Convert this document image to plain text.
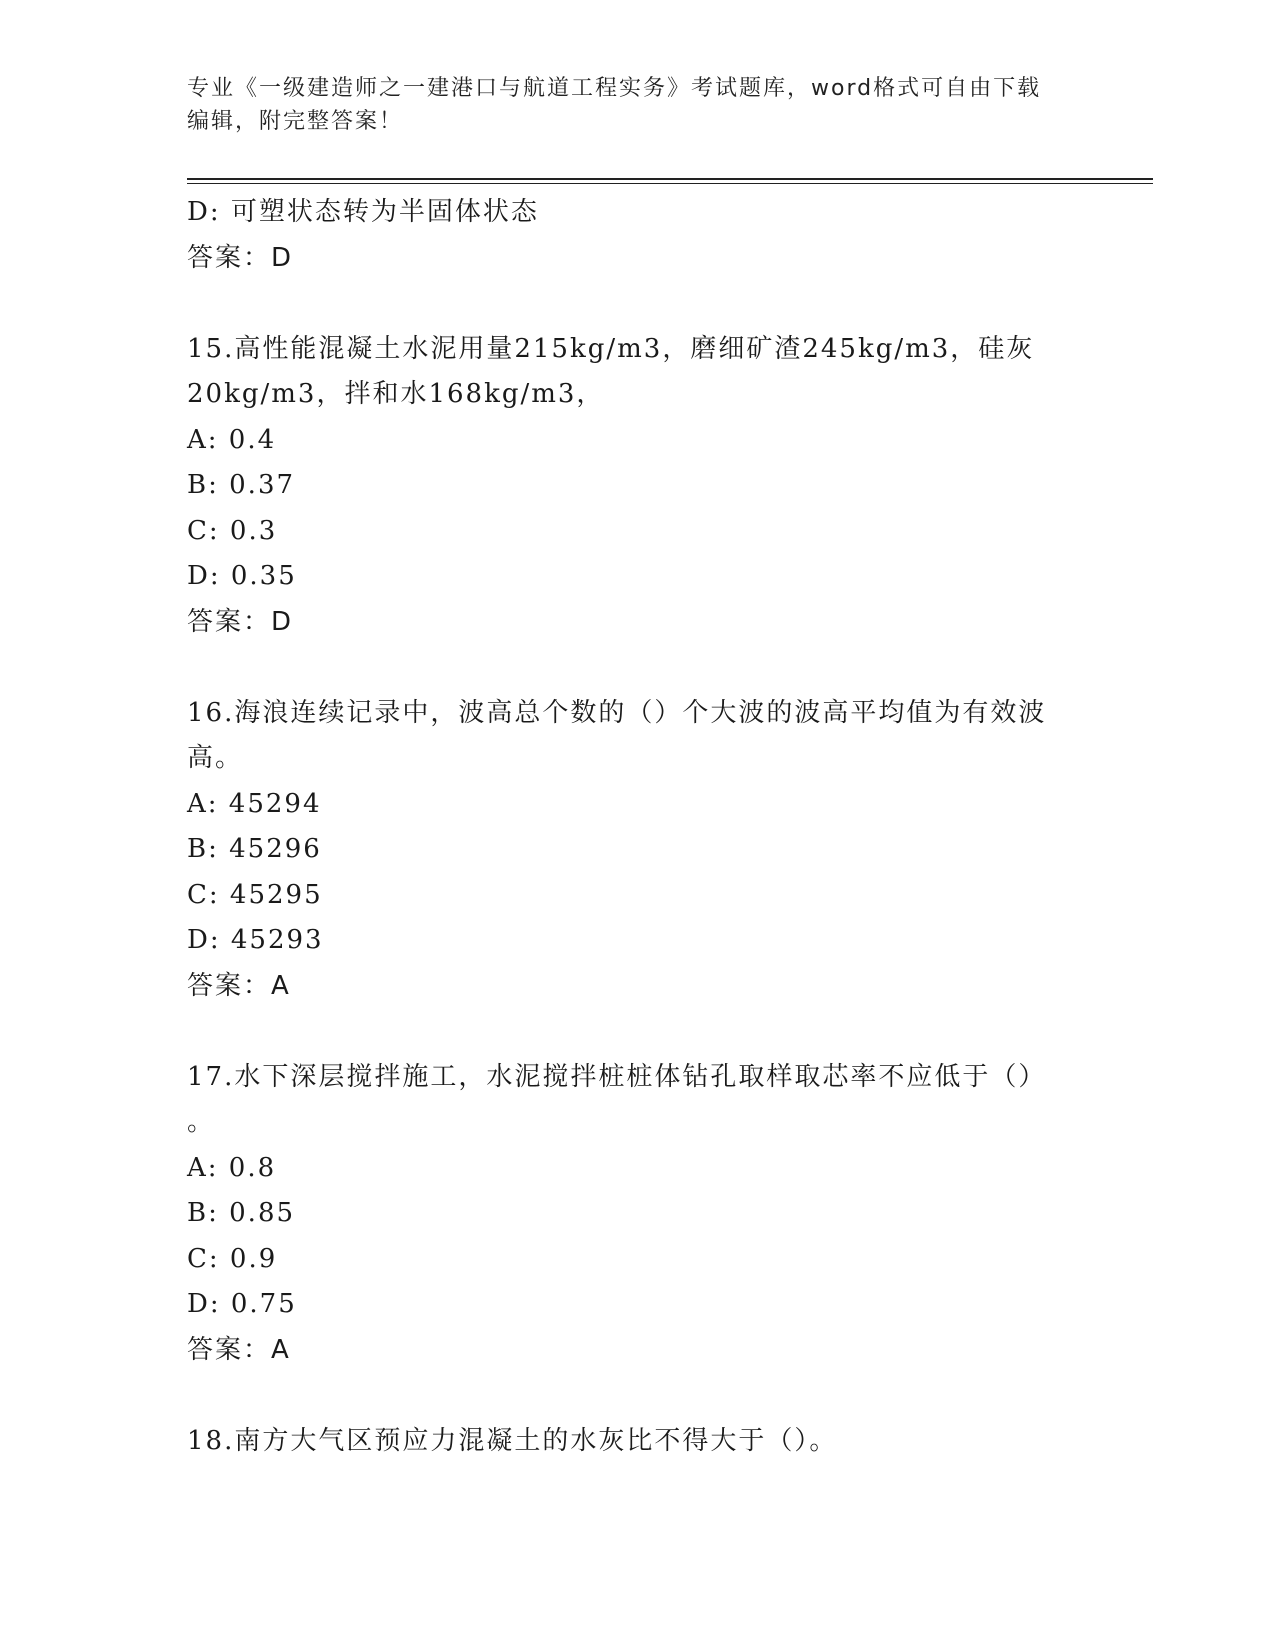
专业《一级建造师之一建港口与航道工程实务》考试题库，word格式可自由下载
编辑，附完整答案！
D: 可塑状态转为半固体状态
答案：D
15.高性能混凝土水泥用量215kg/m3，磨细矿渣245kg/m3，硅灰
20kg/m3，拌和水168kg/m3，
A: 0.4
B: 0.37
C: 0.3
D: 0.35
答案：D
16.海浪连续记录中，波高总个数的（）个大波的波高平均值为有效波
高。
A: 45294
B: 45296
C: 45295
D: 45293
答案：A
17.水下深层搅拌施工，水泥搅拌桩桩体钻孔取样取芯率不应低于（）
。
A: 0.8
B: 0.85
C: 0.9
D: 0.75
答案：A
18.南方大气区预应力混凝土的水灰比不得大于（）。
